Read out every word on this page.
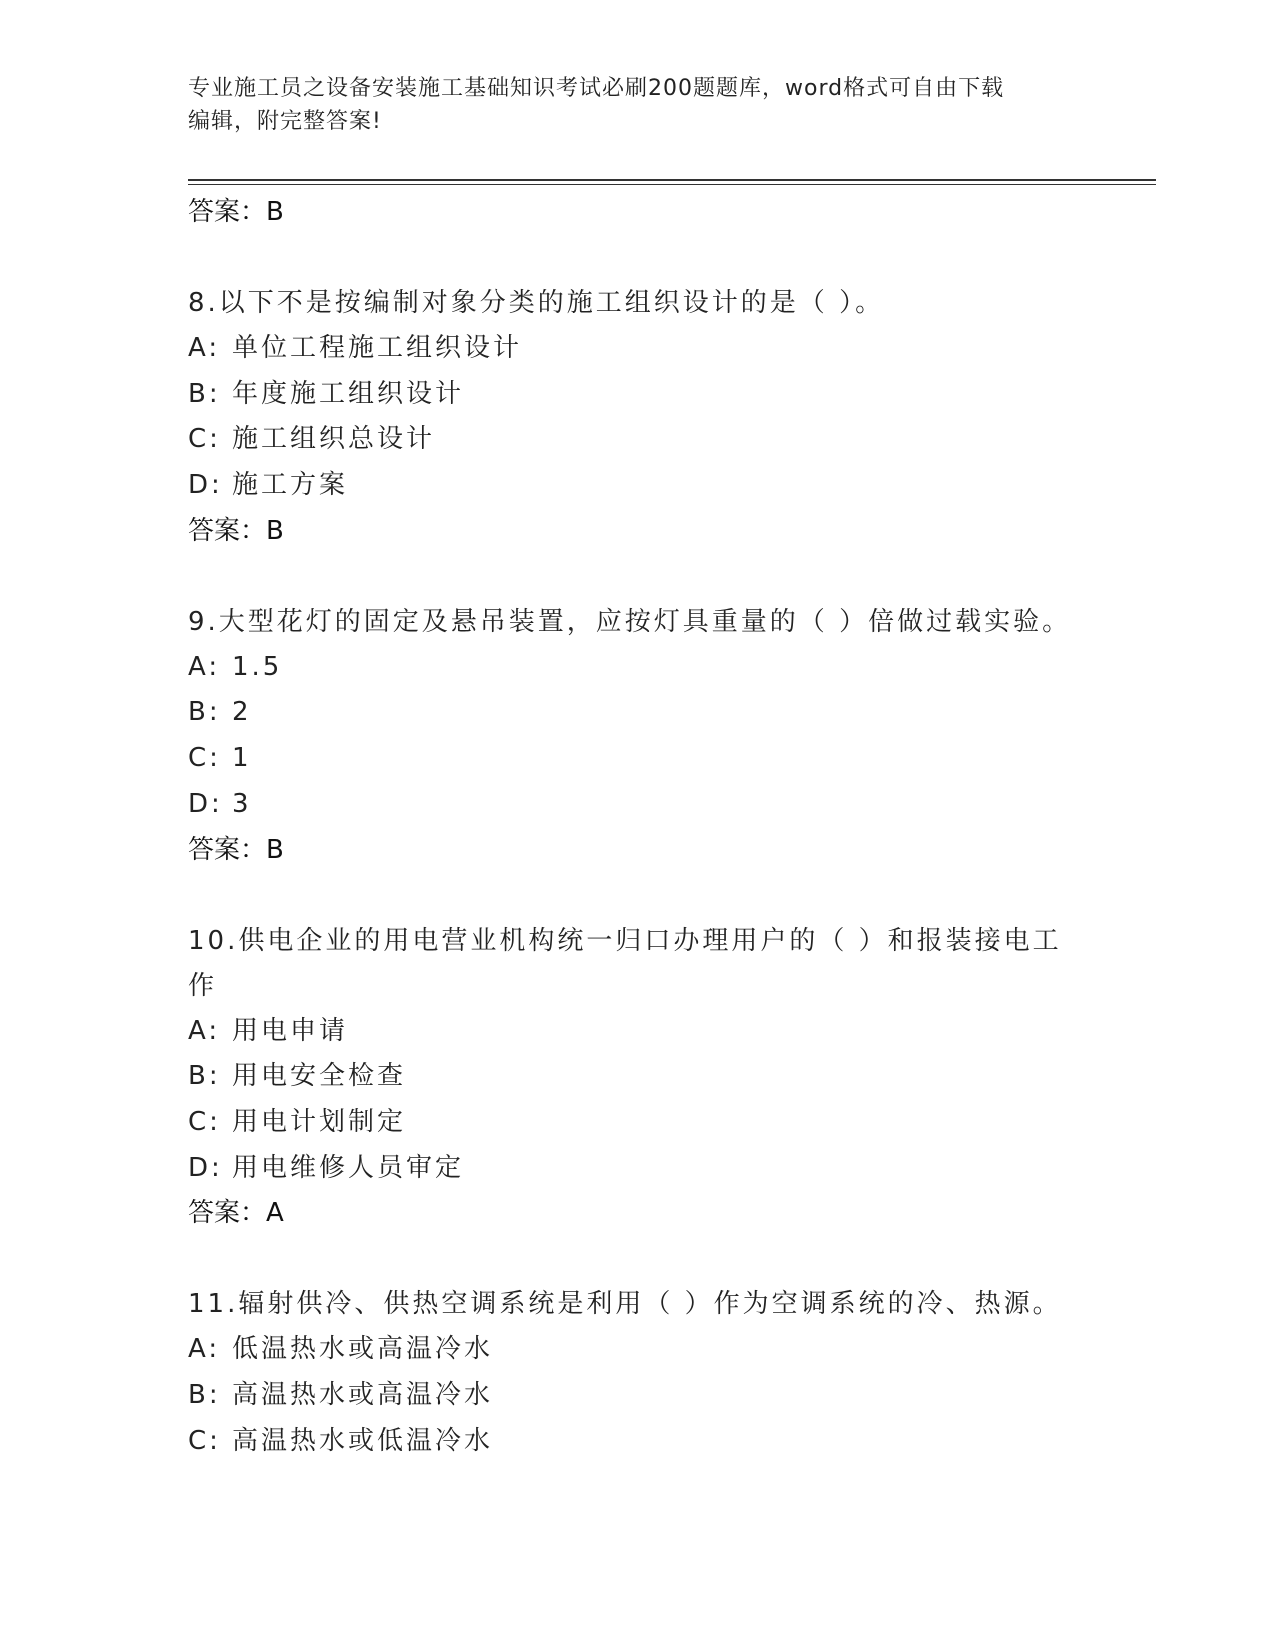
专业施工员之设备安装施工基础知识考试必刷200题题库，word格式可自由下载
编辑，附完整答案!
答案：B
8.以下不是按编制对象分类的施工组织设计的是（ ）。
A: 单位工程施工组织设计
B: 年度施工组织设计
C: 施工组织总设计
D: 施工方案
答案：B
9.大型花灯的固定及悬吊装置，应按灯具重量的（ ）倍做过载实验。
A: 1.5
B: 2
C: 1
D: 3
答案：B
10.供电企业的用电营业机构统一归口办理用户的（ ）和报装接电工
作
A: 用电申请
B: 用电安全检查
C: 用电计划制定
D: 用电维修人员审定
答案：A
11.辐射供冷、供热空调系统是利用（ ）作为空调系统的冷、热源。
A: 低温热水或高温冷水
B: 高温热水或高温冷水
C: 高温热水或低温冷水
